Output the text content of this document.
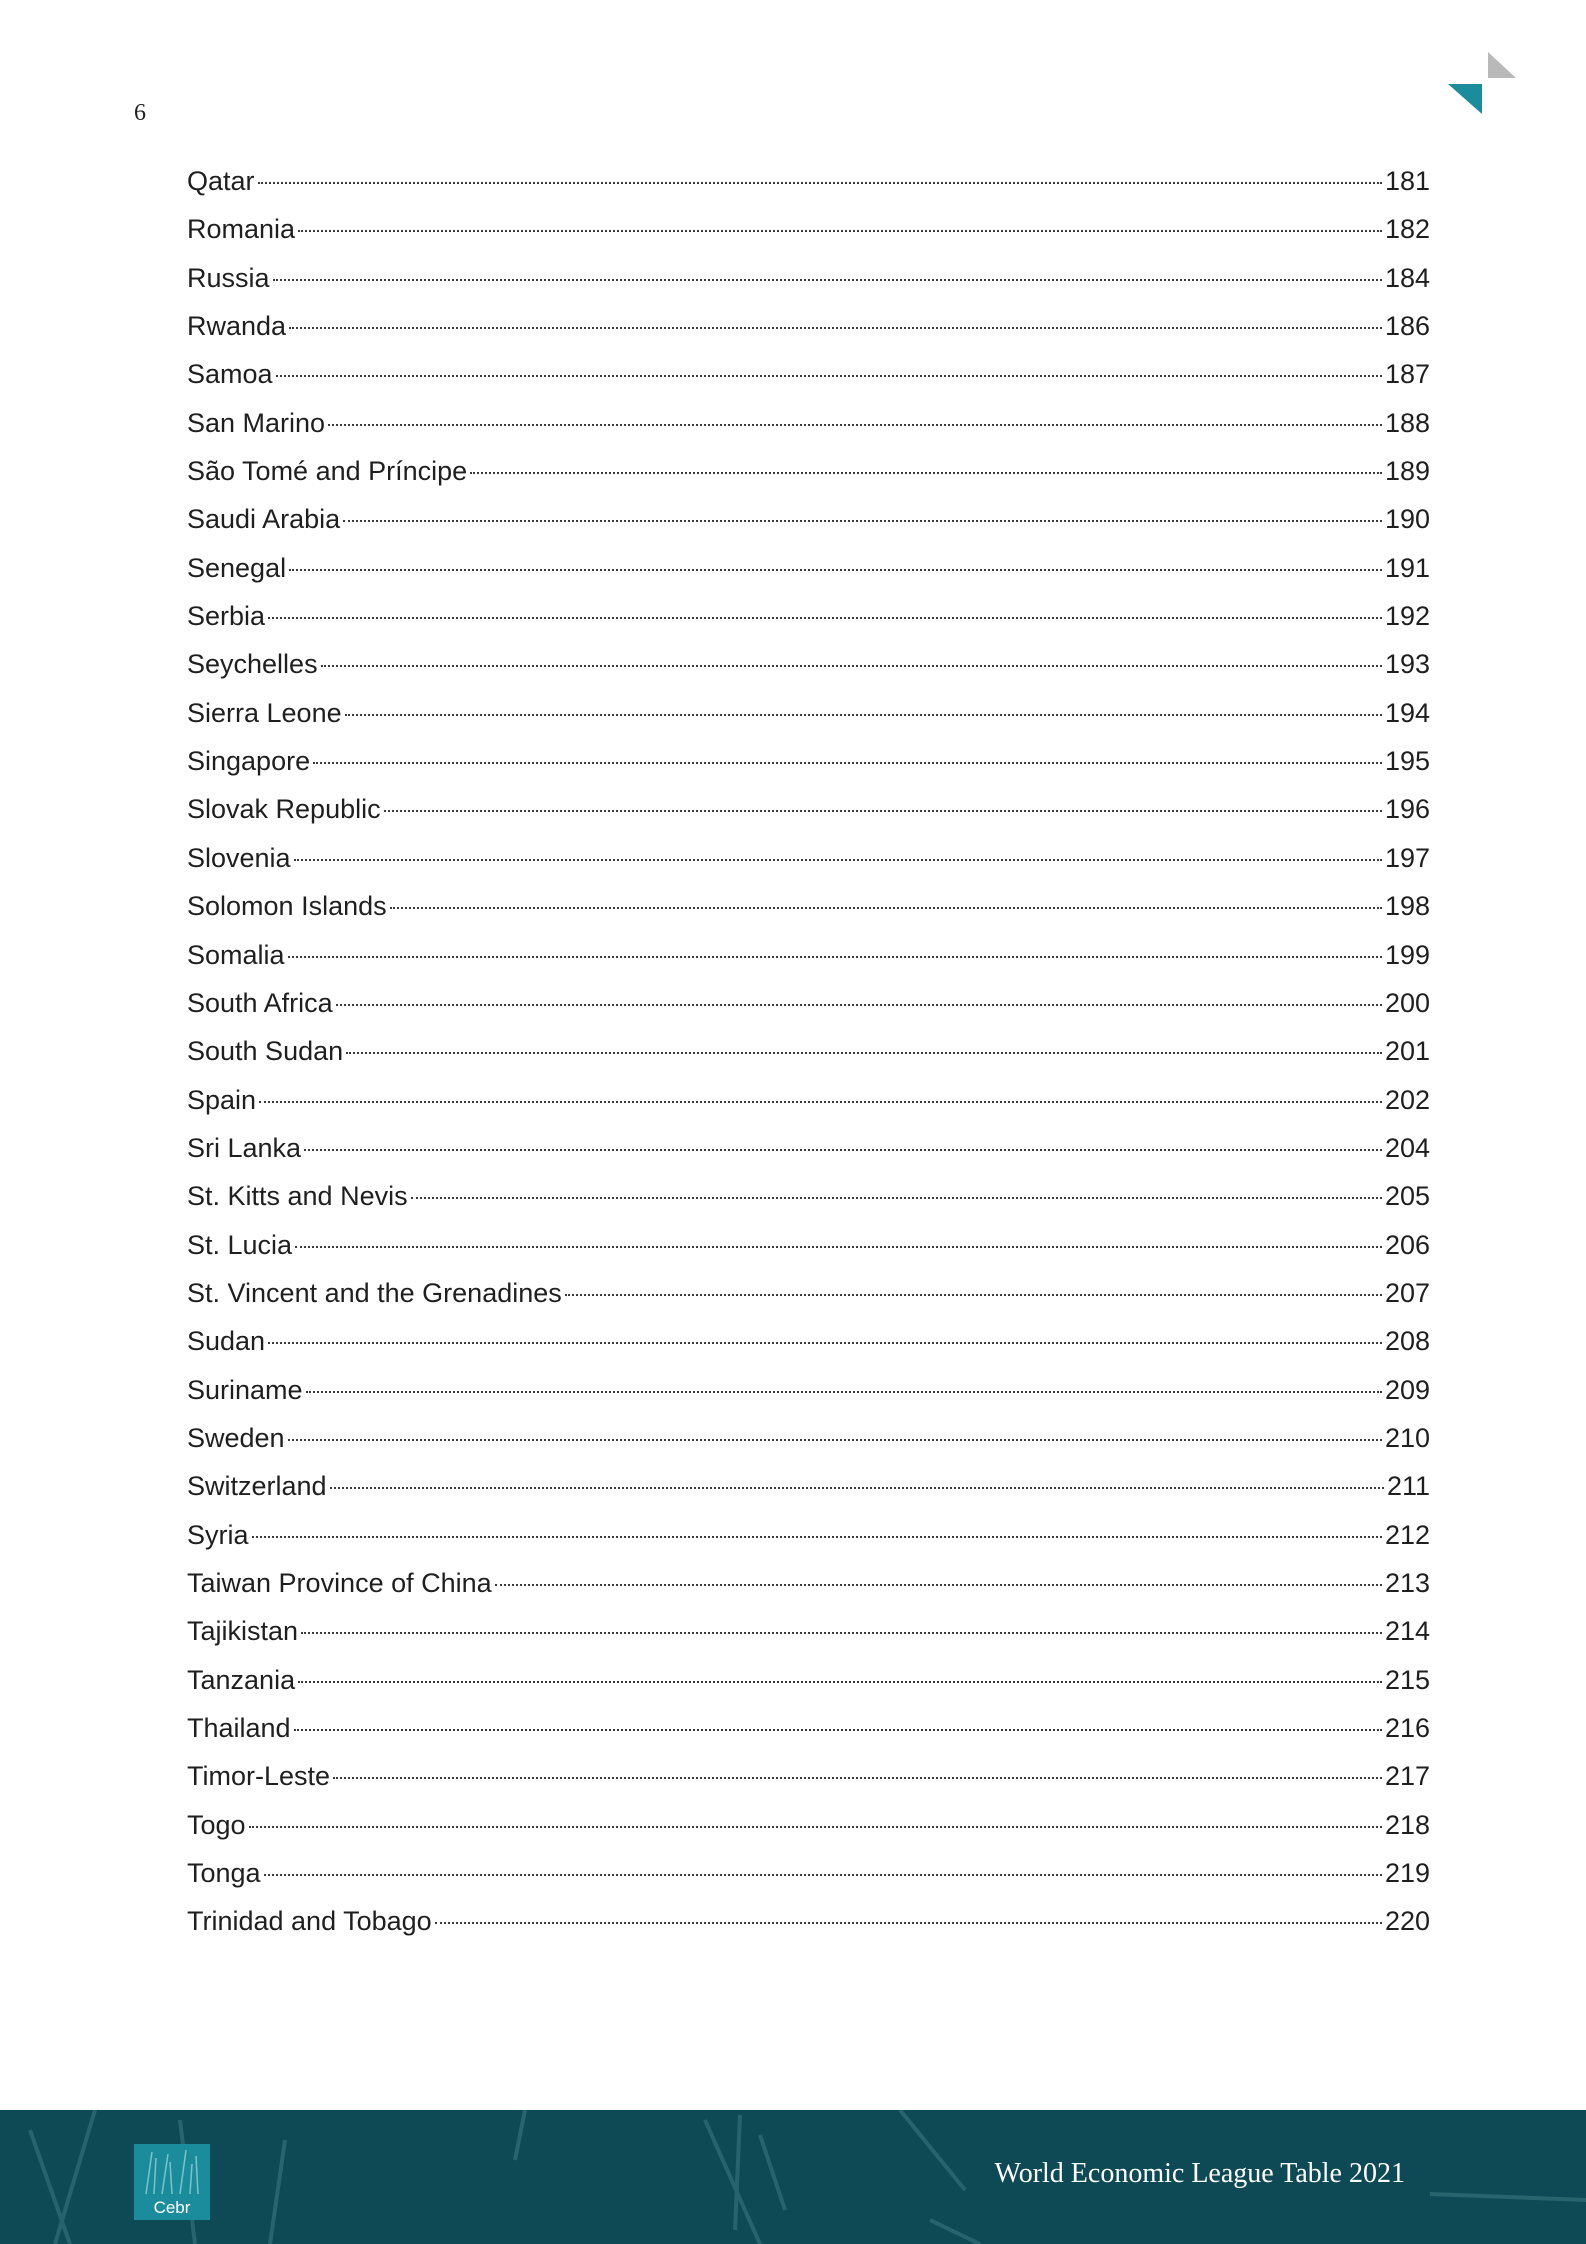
6
Qatar	181
Romania	182
Russia	184
Rwanda	186
Samoa	187
San Marino	188
São Tomé and Príncipe	189
Saudi Arabia	190
Senegal	191
Serbia	192
Seychelles	193
Sierra Leone	194
Singapore	195
Slovak Republic	196
Slovenia	197
Solomon Islands	198
Somalia	199
South Africa	200
South Sudan	201
Spain	202
Sri Lanka	204
St. Kitts and Nevis	205
St. Lucia	206
St. Vincent and the Grenadines	207
Sudan	208
Suriname	209
Sweden	210
Switzerland	211
Syria	212
Taiwan Province of China	213
Tajikistan	214
Tanzania	215
Thailand	216
Timor-Leste	217
Togo	218
Tonga	219
Trinidad and Tobago	220
Cebr
World Economic League Table 2021
